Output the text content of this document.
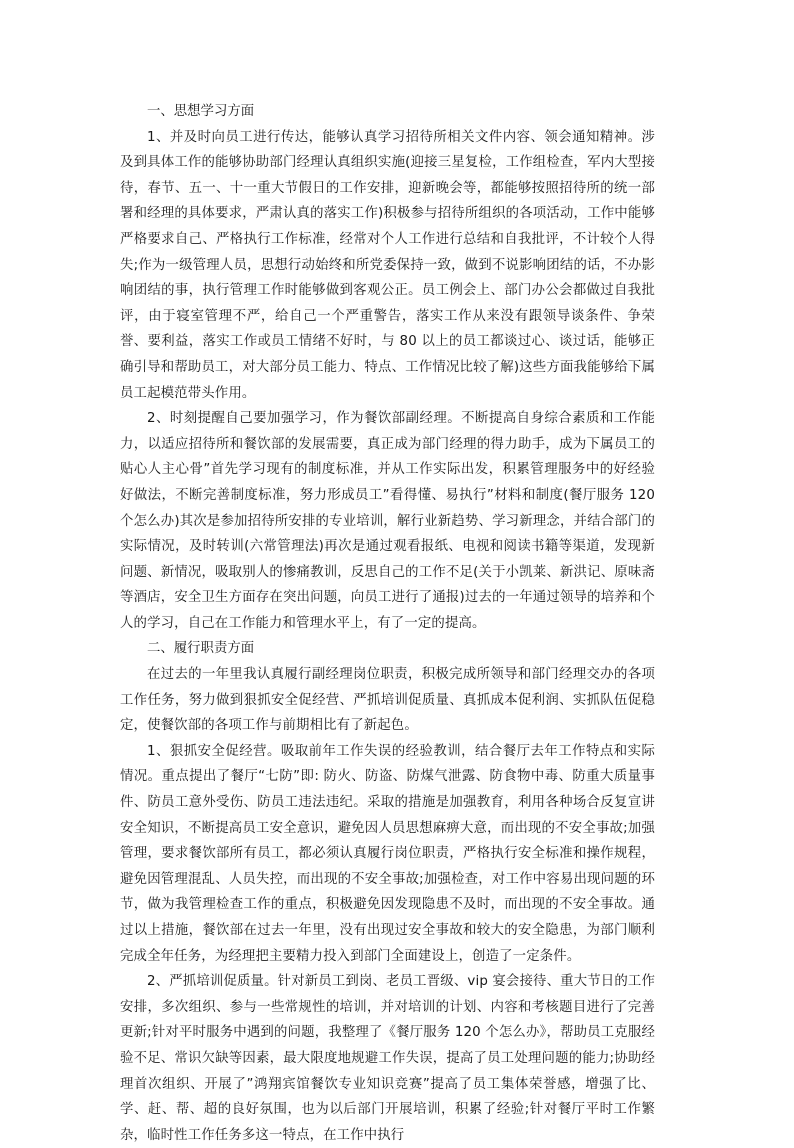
一、思想学习方面

1、并及时向员工进行传达，能够认真学习招待所相关文件内容、领会通知精神。涉及到具体工作的能够协助部门经理认真组织实施(迎接三星复检，工作组检查，军内大型接待，春节、五一、十一重大节假日的工作安排，迎新晚会等，都能够按照招待所的统一部署和经理的具体要求，严肃认真的落实工作)积极参与招待所组织的各项活动，工作中能够严格要求自己、严格执行工作标准，经常对个人工作进行总结和自我批评，不计较个人得失;作为一级管理人员，思想行动始终和所党委保持一致，做到不说影响团结的话，不办影响团结的事，执行管理工作时能够做到客观公正。员工例会上、部门办公会都做过自我批评，由于寝室管理不严，给自己一个严重警告，落实工作从来没有跟领导谈条件、争荣誉、要利益，落实工作或员工情绪不好时，与 80 以上的员工都谈过心、谈过话，能够正确引导和帮助员工，对大部分员工能力、特点、工作情况比较了解)这些方面我能够给下属员工起模范带头作用。

2、时刻提醒自己要加强学习，作为餐饮部副经理。不断提高自身综合素质和工作能力，以适应招待所和餐饮部的发展需要，真正成为部门经理的得力助手，成为下属员工的贴心人主心骨”首先学习现有的制度标准，并从工作实际出发，积累管理服务中的好经验好做法，不断完善制度标准，努力形成员工”看得懂、易执行”材料和制度(餐厅服务 120 个怎么办)其次是参加招待所安排的专业培训，解行业新趋势、学习新理念，并结合部门的实际情况，及时转训(六常管理法)再次是通过观看报纸、电视和阅读书籍等渠道，发现新问题、新情况，吸取别人的惨痛教训，反思自己的工作不足(关于小凯莱、新洪记、原味斋等酒店，安全卫生方面存在突出问题，向员工进行了通报)过去的一年通过领导的培养和个人的学习，自己在工作能力和管理水平上，有了一定的提高。

二、履行职责方面

在过去的一年里我认真履行副经理岗位职责，积极完成所领导和部门经理交办的各项工作任务，努力做到狠抓安全促经营、严抓培训促质量、真抓成本促利润、实抓队伍促稳定，使餐饮部的各项工作与前期相比有了新起色。

1、狠抓安全促经营。吸取前年工作失误的经验教训，结合餐厅去年工作特点和实际情况。重点提出了餐厅“七防”即: 防火、防盗、防煤气泄露、防食物中毒、防重大质量事件、防员工意外受伤、防员工违法违纪。采取的措施是加强教育，利用各种场合反复宣讲安全知识，不断提高员工安全意识，避免因人员思想麻痹大意，而出现的不安全事故;加强管理，要求餐饮部所有员工，都必须认真履行岗位职责，严格执行安全标准和操作规程，避免因管理混乱、人员失控，而出现的不安全事故;加强检查，对工作中容易出现问题的环节，做为我管理检查工作的重点，积极避免因发现隐患不及时，而出现的不安全事故。通过以上措施，餐饮部在过去一年里，没有出现过安全事故和较大的安全隐患，为部门顺利完成全年任务，为经理把主要精力投入到部门全面建设上，创造了一定条件。

2、严抓培训促质量。针对新员工到岗、老员工晋级、vip 宴会接待、重大节日的工作安排，多次组织、参与一些常规性的培训，并对培训的计划、内容和考核题目进行了完善更新;针对平时服务中遇到的问题，我整理了《餐厅服务 120 个怎么办》，帮助员工克服经验不足、常识欠缺等因素，最大限度地规避工作失误，提高了员工处理问题的能力;协助经理首次组织、开展了”鸿翔宾馆餐饮专业知识竞赛”提高了员工集体荣誉感，增强了比、学、赶、帮、超的良好氛围，也为以后部门开展培训，积累了经验;针对餐厅平时工作繁杂，临时性工作任务多这一特点，在工作中执行
